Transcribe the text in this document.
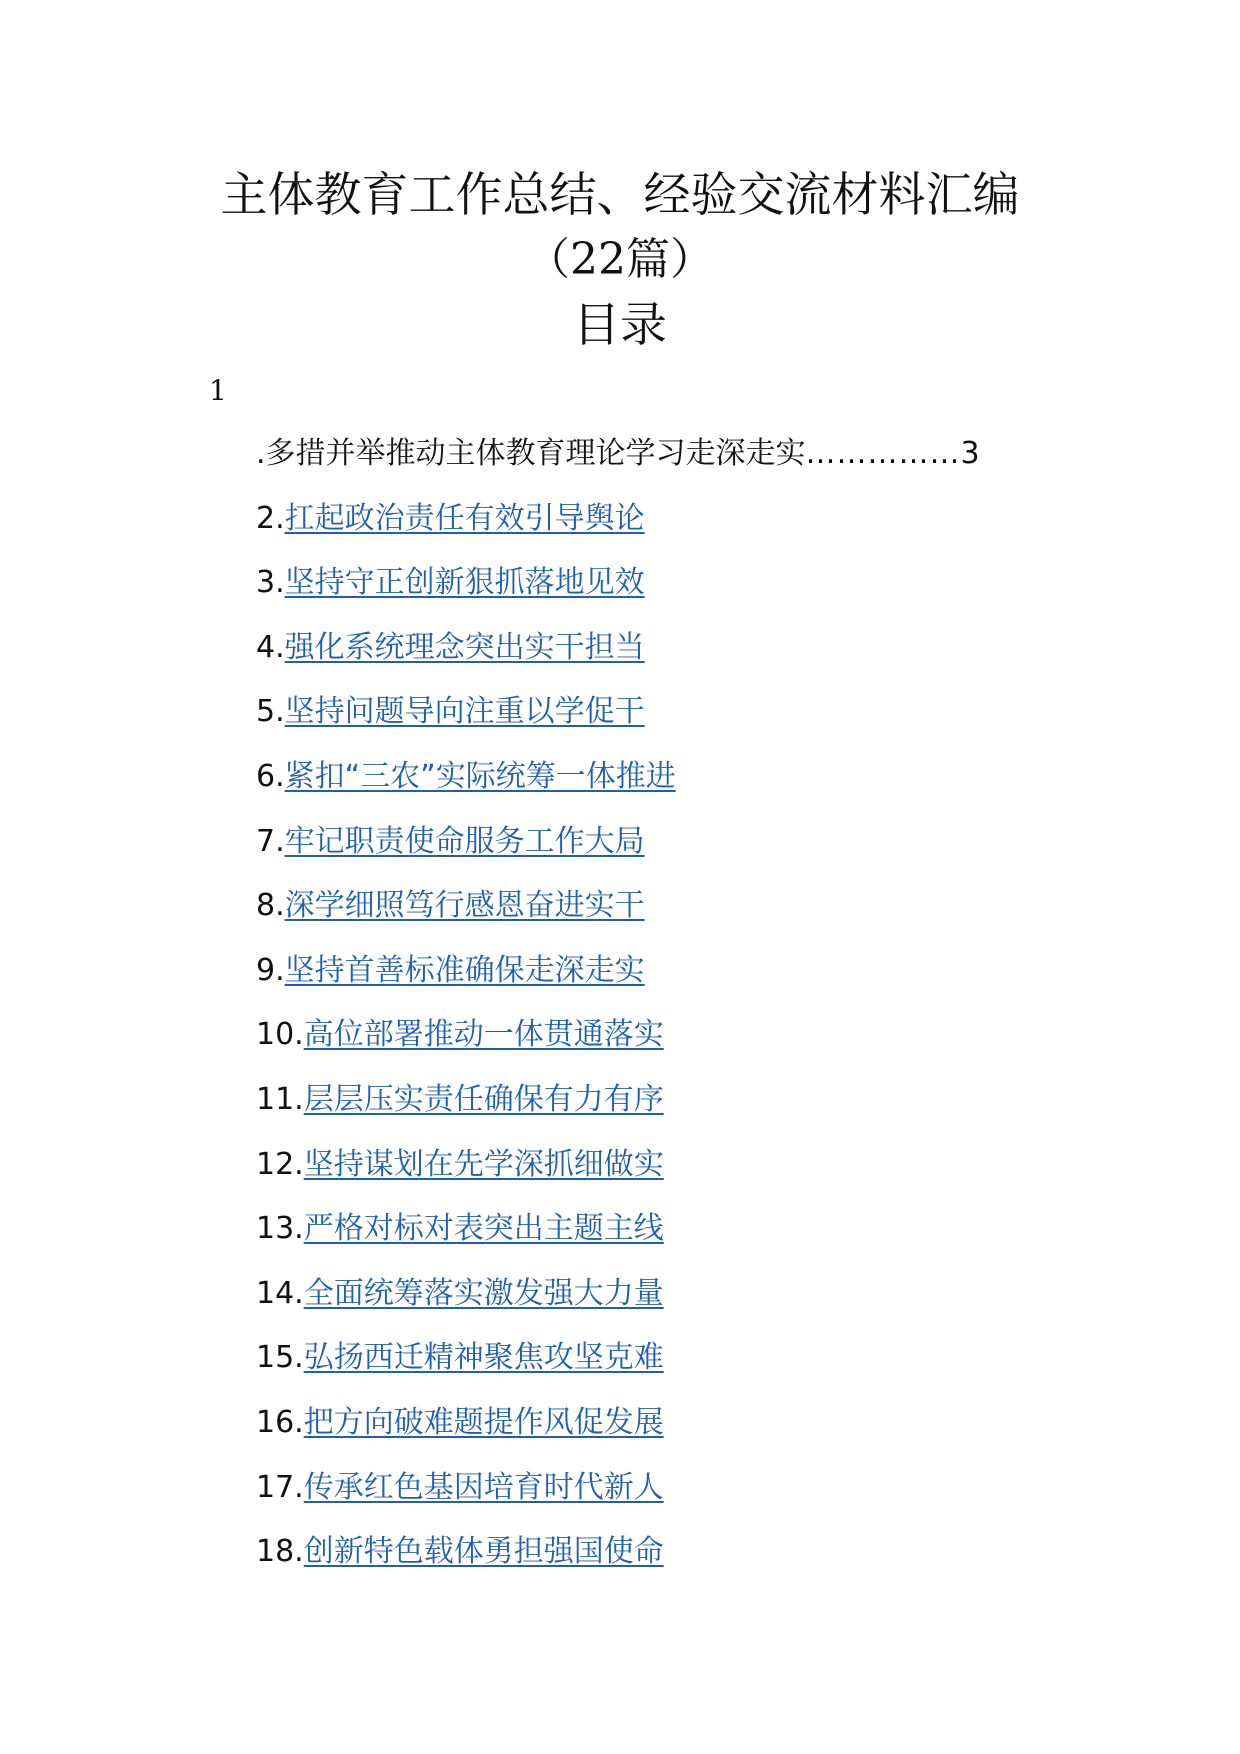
主体教育工作总结、经验交流材料汇编
（22篇）
目录
1
.多措并举推动主体教育理论学习走深走实……………3
2.扛起政治责任有效引导舆论
3.坚持守正创新狠抓落地见效
4.强化系统理念突出实干担当
5.坚持问题导向注重以学促干
6.紧扣“三农”实际统筹一体推进
7.牢记职责使命服务工作大局
8.深学细照笃行感恩奋进实干
9.坚持首善标准确保走深走实
10.高位部署推动一体贯通落实
11.层层压实责任确保有力有序
12.坚持谋划在先学深抓细做实
13.严格对标对表突出主题主线
14.全面统筹落实激发强大力量
15.弘扬西迁精神聚焦攻坚克难
16.把方向破难题提作风促发展
17.传承红色基因培育时代新人
18.创新特色载体勇担强国使命
